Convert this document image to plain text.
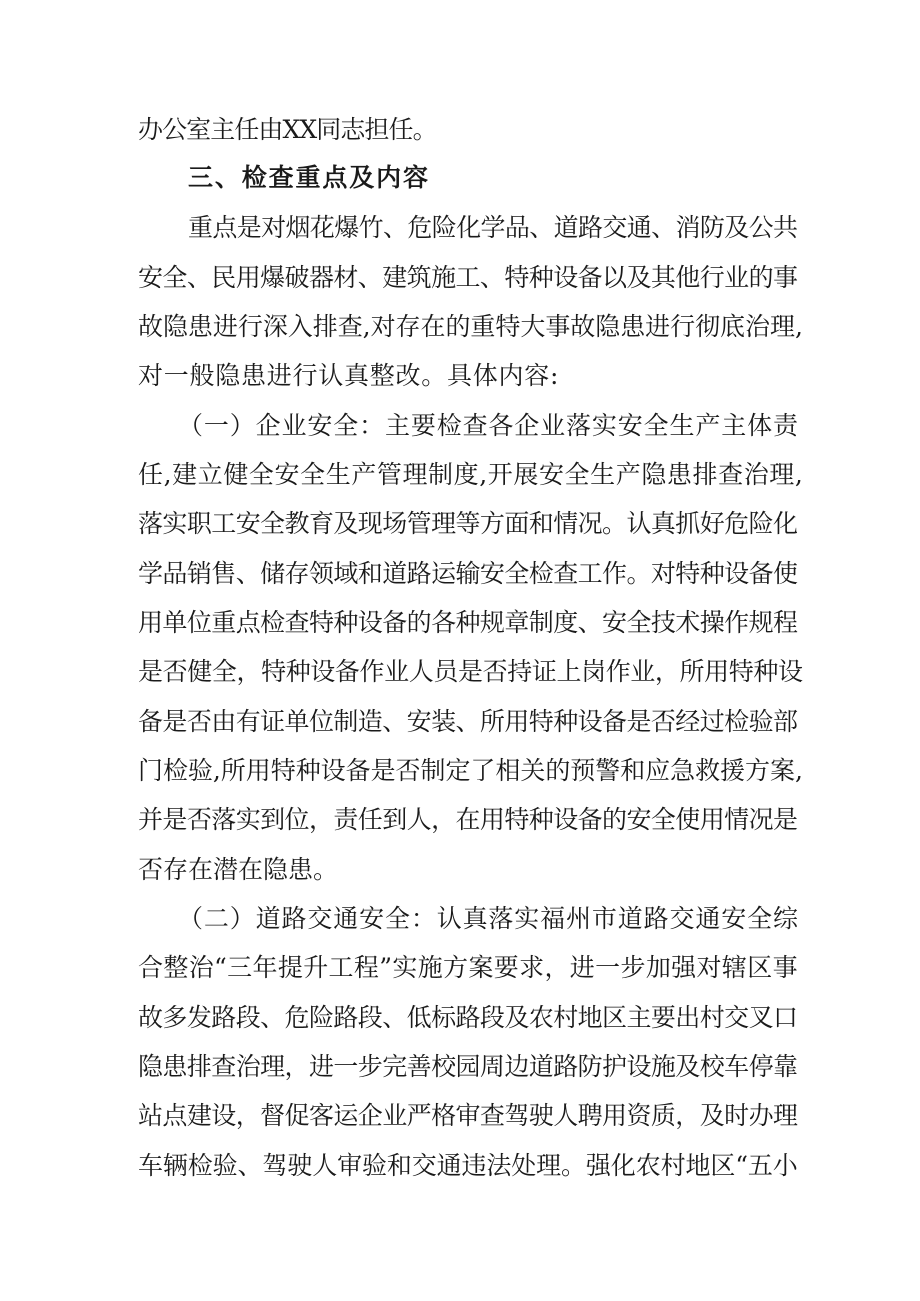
办公室主任由XX同志担任。
三、检查重点及内容
重点是对烟花爆竹、危险化学品、道路交通、消防及公共
安全、民用爆破器材、建筑施工、特种设备以及其他行业的事
故隐患进行深入排查,对存在的重特大事故隐患进行彻底治理,
对一般隐患进行认真整改。具体内容:
（一）企业安全：主要检查各企业落实安全生产主体责
任,建立健全安全生产管理制度,开展安全生产隐患排查治理,
落实职工安全教育及现场管理等方面和情况。认真抓好危险化
学品销售、储存领域和道路运输安全检查工作。对特种设备使
用单位重点检查特种设备的各种规章制度、安全技术操作规程
是否健全，特种设备作业人员是否持证上岗作业，所用特种设
备是否由有证单位制造、安装、所用特种设备是否经过检验部
门检验,所用特种设备是否制定了相关的预警和应急救援方案,
并是否落实到位，责任到人，在用特种设备的安全使用情况是
否存在潜在隐患。
（二）道路交通安全：认真落实福州市道路交通安全综
合整治“三年提升工程”实施方案要求，进一步加强对辖区事
故多发路段、危险路段、低标路段及农村地区主要出村交叉口
隐患排查治理，进一步完善校园周边道路防护设施及校车停靠
站点建设，督促客运企业严格审查驾驶人聘用资质，及时办理
车辆检验、驾驶人审验和交通违法处理。强化农村地区“五小
